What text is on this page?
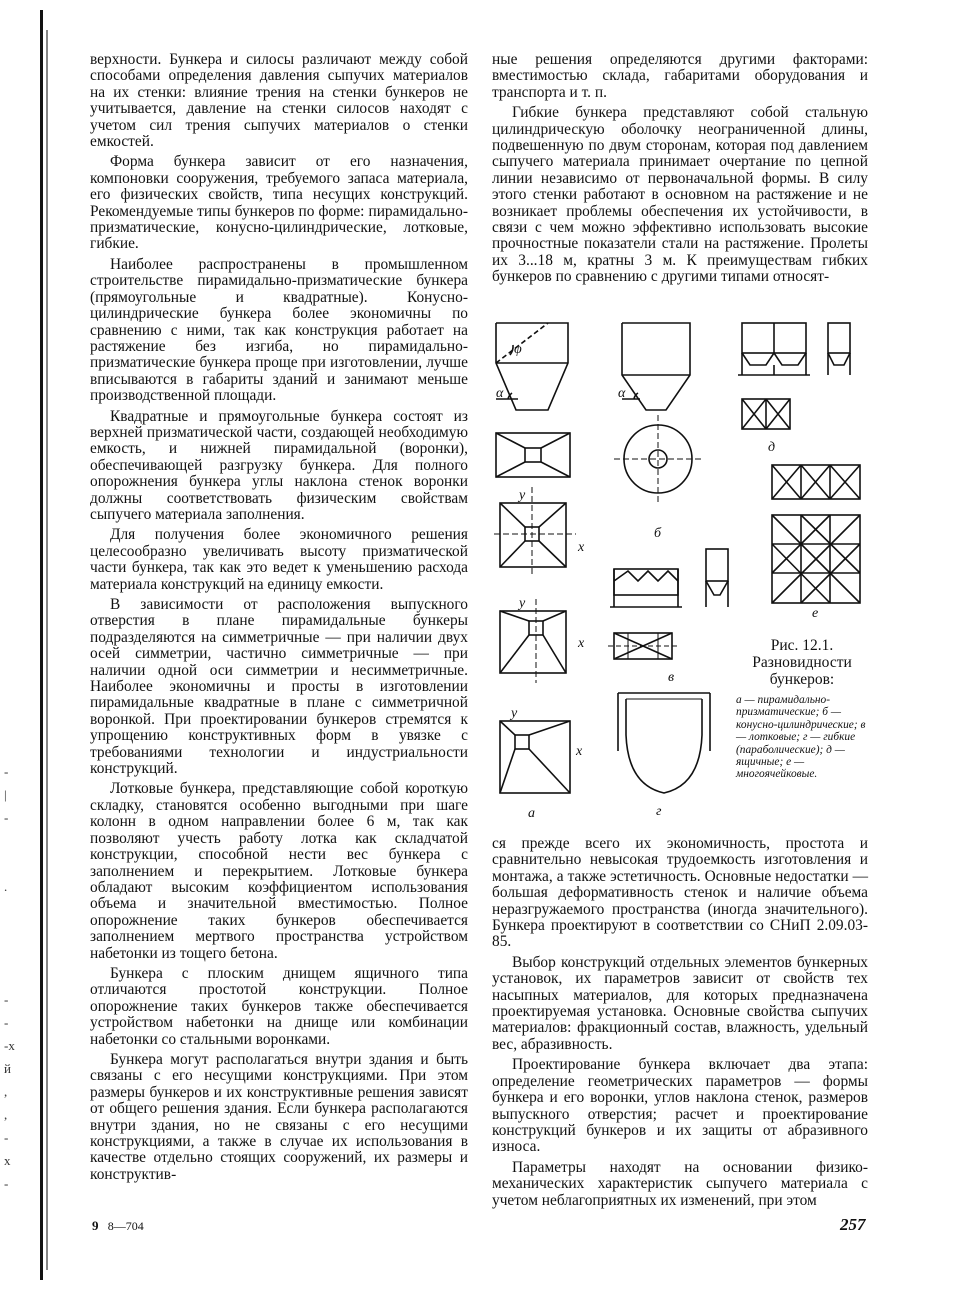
-
|
-
.
-
-
-х
й
,
,
-
х
-

верхности. Бункера и силосы различают между собой способами определения давления сыпучих материалов на их стенки: влияние трения на стенки бункеров не учитывается, давление на стенки силосов находят с учетом сил трения сыпучих материалов о стенки емкостей.

Форма бункера зависит от его назначения, компоновки сооружения, требуемого запаса материала, его физических свойств, типа несущих конструкций. Рекомендуемые типы бункеров по форме: пирамидально-призматические, конусно-цилиндрические, лотковые, гибкие.

Наиболее распространены в промышленном строительстве пирамидально-призматические бункера (прямоугольные и квадратные). Конусно-цилиндрические бункера более экономичны по сравнению с ними, так как конструкция работает на растяжение без изгиба, но пирамидально-призматические бункера проще при изготовлении, лучше вписываются в габариты зданий и занимают меньше производственной площади.

Квадратные и прямоугольные бункера состоят из верхней призматической части, создающей необходимую емкость, и нижней пирамидальной (воронки), обеспечивающей разгрузку бункера. Для полного опорожнения бункера углы наклона стенок воронки должны соответствовать физическим свойствам сыпучего материала заполнения.

Для получения более экономичного решения целесообразно увеличивать высоту призматической части бункера, так как это ведет к уменьшению расхода материала конструкций на единицу емкости.

В зависимости от расположения выпускного отверстия в плане пирамидальные бункеры подразделяются на симметричные — при наличии двух осей симметрии, частично симметричные — при наличии одной оси симметрии и несимметричные. Наиболее экономичны и просты в изготовлении пирамидальные квадратные в плане с симметричной воронкой. При проектировании бункеров стремятся к упрощению конструктивных форм в увязке с требованиями технологии и индустриальности конструкций.

Лотковые бункера, представляющие собой короткую складку, становятся особенно выгодными при шаге колонн в одном направлении более 6 м, так как позволяют учесть работу лотка как складчатой конструкции, способной нести вес бункера с заполнением и перекрытием. Лотковые бункера обладают высоким коэффициентом использования объема и значительной вместимостью. Полное опорожнение таких бункеров обеспечивается заполнением мертвого пространства устройством набетонки из тощего бетона.

Бункера с плоским днищем ящичного типа отличаются простотой конструкции. Полное опорожнение таких бункеров также обеспечивается устройством набетонки на днище или комбинации набетонки со стальными воронками.

Бункера могут располагаться внутри здания и быть связаны с его несущими конструкциями. При этом размеры бункеров и их конструктивные решения зависят от общего решения здания. Если бункера располагаются внутри здания, но не связаны с его несущими конструкциями, а также в случае их использования в качестве отдельно стоящих сооружений, их размеры и конструктив-

ные решения определяются другими факторами: вместимостью склада, габаритами оборудования и транспорта и т. п.

Гибкие бункера представляют собой стальную цилиндрическую оболочку неограниченной длины, подвешенную по двум сторонам, которая под давлением сыпучего материала принимает очертание по цепной линии независимо от первоначальной формы. В силу этого стенки работают в основном на растяжение и не возникает проблемы обеспечения их устойчивости, в связи с чем можно эффективно использовать высокие прочностные показатели стали на растяжение. Пролеты их 3...18 м, кратны 3 м. К преимуществам гибких бункеров по сравнению с другими типами относят-

φ
α
y
x
y
x
y
x
а
α
б
в
г
д
е
Рис. 12.1. Разновидности бункеров:
а — пирамидально-призматические; б — конусно-цилиндрические; в — лотковые; г — гибкие (параболические); д — ящичные; е — многоячейковые.

ся прежде всего их экономичность, простота и сравнительно невысокая трудоемкость изготовления и монтажа, а также эстетичность. Основные недостатки — большая деформативность стенок и наличие объема неразгружаемого пространства (иногда значительного). Бункера проектируют в соответствии со СНиП 2.09.03-85.

Выбор конструкций отдельных элементов бункерных установок, их параметров зависит от свойств тех насыпных материалов, для которых предназначена проектируемая установка. Основные свойства сыпучих материалов: фракционный состав, влажность, удельный вес, абразивность.

Проектирование бункера включает два этапа: определение геометрических параметров — формы бункера и его воронки, углов наклона стенок, размеров выпускного отверстия; расчет и проектирование конструкций бункеров и их защиты от абразивного износа.

Параметры находят на основании физико-механических характеристик сыпучего материала с учетом неблагоприятных их изменений, при этом

9 8—704	257
